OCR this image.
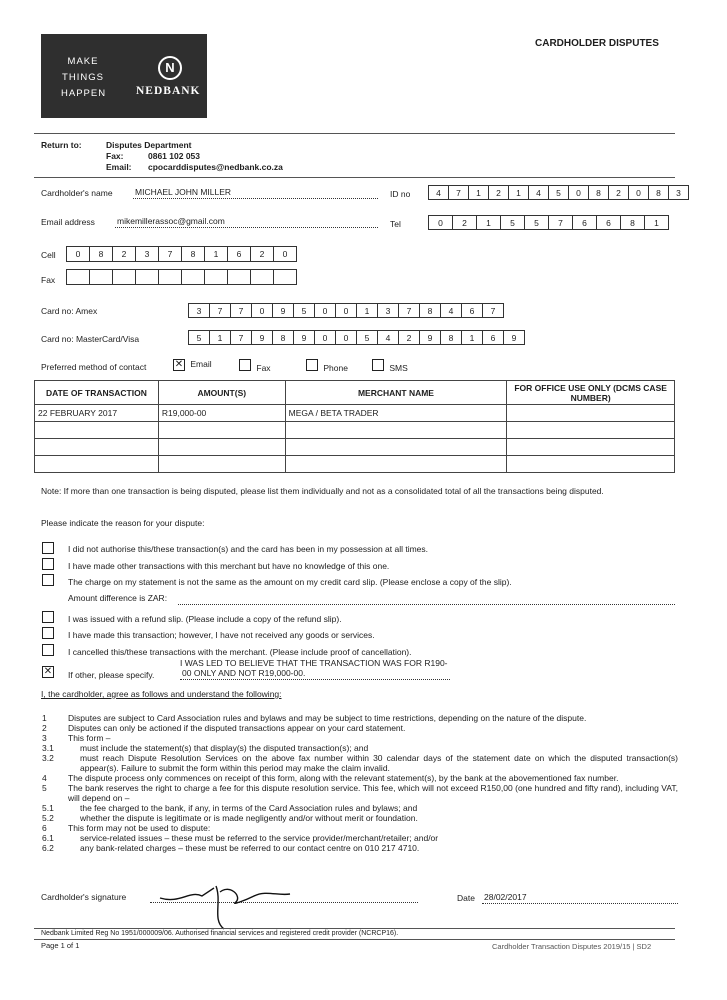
MAKE THINGS HAPPEN
N
NEDBANK
CARDHOLDER DISPUTES
Return to:	Disputes Department
Fax:	0861 102 053
Email: cpocarddisputes@nedbank.co.za
Cardholder's name	MICHAEL JOHN MILLER	ID no	4	7	1	2	1	4	5	0	8	2	0	8	3
Email address	mikemillerassoc@gmail.com	Tel	0	2	1	5	5	7	6	6	8	1
Cell	0	8	2	3	7	8	1	6	2	0
Fax
Card no: Amex	3	7	7	0	9	5	0	0	1	3	7	8	4	6	7
Card no: MasterCard/Visa	5	1	7	9	8	9	0	0	5	4	2	9	8	1	6	9
Preferred method of contact	✕ Email	Fax	Phone	SMS
DATE OF TRANSACTION	AMOUNT(S)	MERCHANT NAME	FOR OFFICE USE ONLY (DCMS CASE NUMBER)
22 FEBRUARY 2017	R19,000-00	MEGA / BETA TRADER	

Note: If more than one transaction is being disputed, please list them individually and not as a consolidated total of all the transactions being disputed.
Please indicate the reason for your dispute:
I did not authorise this/these transaction(s) and the card has been in my possession at all times.
I have made other transactions with this merchant but have no knowledge of this one.
The charge on my statement is not the same as the amount on my credit card slip. (Please enclose a copy of the slip).
Amount difference is ZAR:
I was issued with a refund slip. (Please include a copy of the refund slip).
I have made this transaction; however, I have not received any goods or services.
I cancelled this/these transactions with the merchant. (Please include proof of cancellation).
✕ If other, please specify.
I WAS LED TO BELIEVE THAT THE TRANSACTION WAS FOR R190-
00 ONLY AND NOT R19,000-00.
I, the cardholder, agree as follows and understand the following:
1	Disputes are subject to Card Association rules and bylaws and may be subject to time restrictions, depending on the nature of the dispute.
2	Disputes can only be actioned if the disputed transactions appear on your card statement.
3	This form –
3.1	must include the statement(s) that display(s) the disputed transaction(s); and
3.2	must reach Dispute Resolution Services on the above fax number within 30 calendar days of the statement date on which the disputed transaction(s) appear(s). Failure to submit the form within this period may make the claim invalid.
4	The dispute process only commences on receipt of this form, along with the relevant statement(s), by the bank at the abovementioned fax number.
5	The bank reserves the right to charge a fee for this dispute resolution service. This fee, which will not exceed R150,00 (one hundred and fifty rand), including VAT, will depend on –
5.1	the fee charged to the bank, if any, in terms of the Card Association rules and bylaws; and
5.2	whether the dispute is legitimate or is made negligently and/or without merit or foundation.
6	This form may not be used to dispute:
6.1	service-related issues – these must be referred to the service provider/merchant/retailer; and/or
6.2	any bank-related charges – these must be referred to our contact centre on 010 217 4710.
Cardholder's signature	Date 28/02/2017
Nedbank Limited Reg No 1951/000009/06. Authorised financial services and registered credit provider (NCRCP16).
Page 1 of 1	Cardholder Transaction Disputes 2019/15 | SD2
